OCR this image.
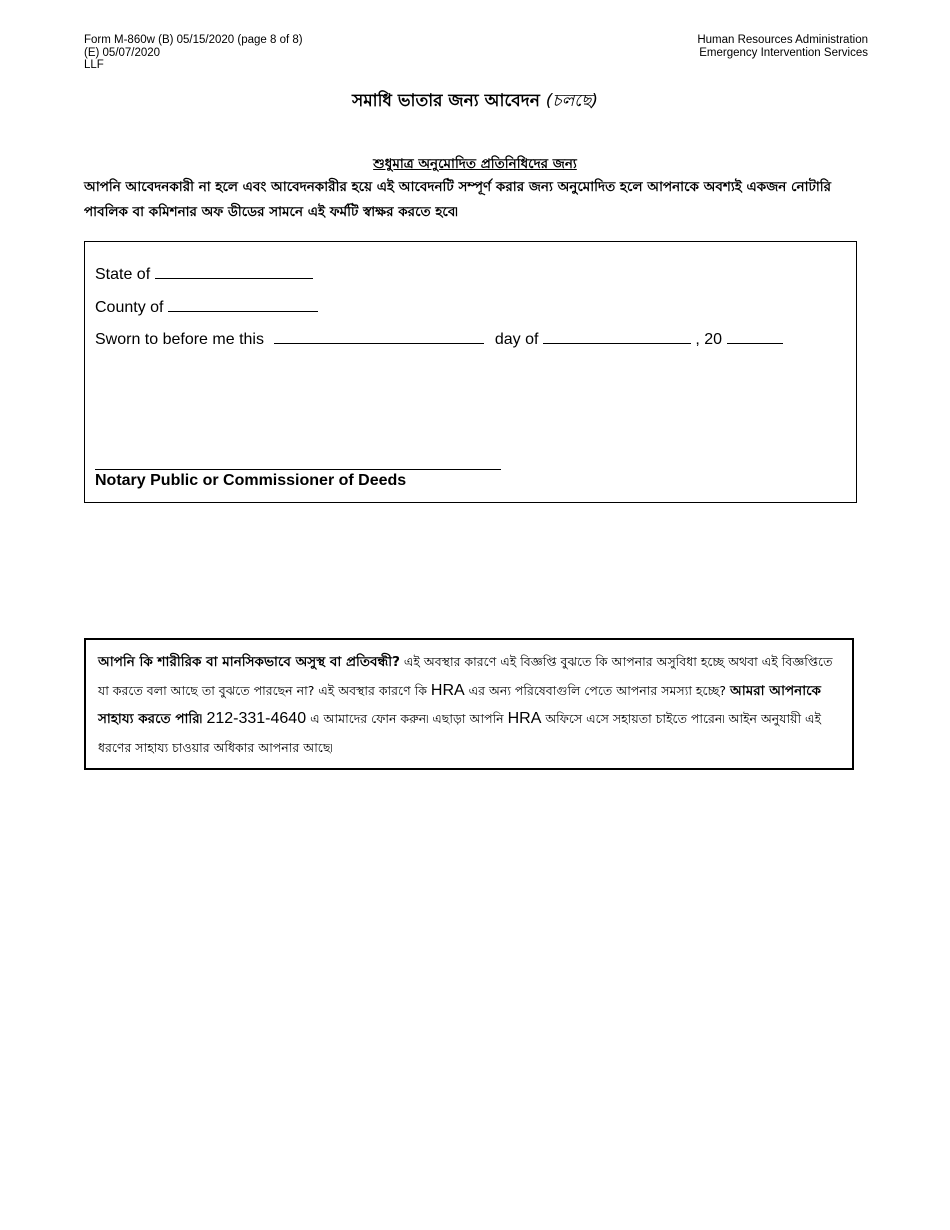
Form M-860w (B) 05/15/2020 (page 8 of 8)
(E) 05/07/2020
LLF
Human Resources Administration
Emergency Intervention Services
সমাধি ভাতার জন্য আবেদন (চলছে)
শুধুমাত্র অনুমোদিত প্রতিনিধিদের জন্য
আপনি আবেদনকারী না হলে এবং আবেদনকারীর হয়ে এই আবেদনটি সম্পূর্ণ করার জন্য অনুমোদিত হলে আপনাকে অবশ্যই একজন নোটারি পাবলিক বা কমিশনার অফ ডীডের সামনে এই ফর্মটি স্বাক্ষর করতে হবে৷
State of
County of
Sworn to before me this	day of	, 20
Notary Public or Commissioner of Deeds
আপনি কি শারীরিক বা মানসিকভাবে অসুস্থ বা প্রতিবন্ধী? এই অবস্থার কারণে এই বিজ্ঞপ্তি বুঝতে কি আপনার অসুবিধা হচ্ছে অথবা এই বিজ্ঞপ্তিতে যা করতে বলা আছে তা বুঝতে পারছেন না? এই অবস্থার কারণে কি HRA এর অন্য পরিষেবাগুলি পেতে আপনার সমস্যা হচ্ছে? আমরা আপনাকে সাহায্য করতে পারি৷ 212-331-4640 এ আমাদের ফোন করুন৷ এছাড়া আপনি HRA অফিসে এসে সহায়তা চাইতে পারেন৷ আইন অনুযায়ী এই ধরণের সাহায্য চাওয়ার অধিকার আপনার আছে৷
